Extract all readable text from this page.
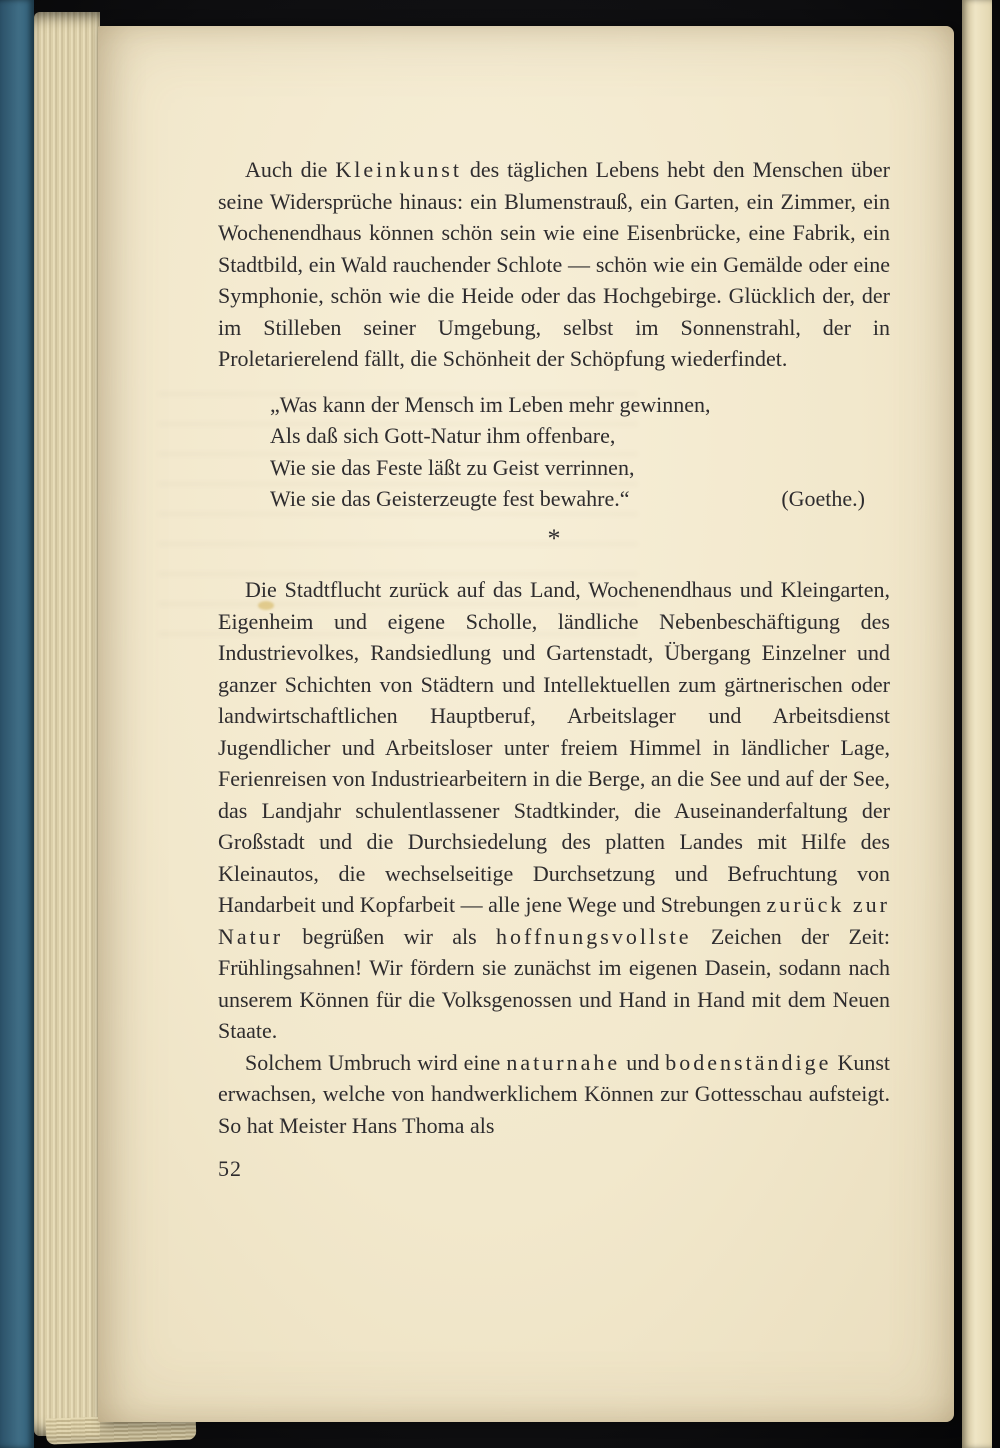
Auch die Kleinkunst des täglichen Lebens hebt den Menschen über seine Widersprüche hinaus: ein Blumenstrauß, ein Garten, ein Zimmer, ein Wochenendhaus können schön sein wie eine Eisenbrücke, eine Fabrik, ein Stadtbild, ein Wald rauchender Schlote — schön wie ein Gemälde oder eine Symphonie, schön wie die Heide oder das Hochgebirge. Glücklich der, der im Stilleben seiner Umgebung, selbst im Sonnenstrahl, der in Proletarierelend fällt, die Schönheit der Schöpfung wiederfindet.

„Was kann der Mensch im Leben mehr gewinnen,
Als daß sich Gott-Natur ihm offenbare,
Wie sie das Feste läßt zu Geist verrinnen,
Wie sie das Geisterzeugte fest bewahre.“	(Goethe.)
*

Die Stadtflucht zurück auf das Land, Wochenendhaus und Kleingarten, Eigenheim und eigene Scholle, ländliche Nebenbeschäftigung des Industrievolkes, Randsiedlung und Gartenstadt, Übergang Einzelner und ganzer Schichten von Städtern und Intellektuellen zum gärtnerischen oder landwirtschaftlichen Hauptberuf, Arbeitslager und Arbeitsdienst Jugendlicher und Arbeitsloser unter freiem Himmel in ländlicher Lage, Ferienreisen von Industriearbeitern in die Berge, an die See und auf der See, das Landjahr schulentlassener Stadtkinder, die Auseinanderfaltung der Großstadt und die Durchsiedelung des platten Landes mit Hilfe des Kleinautos, die wechselseitige Durchsetzung und Befruchtung von Handarbeit und Kopfarbeit — alle jene Wege und Strebungen zurück zur Natur begrüßen wir als hoffnungsvollste Zeichen der Zeit: Frühlingsahnen! Wir fördern sie zunächst im eigenen Dasein, sodann nach unserem Können für die Volksgenossen und Hand in Hand mit dem Neuen Staate.

Solchem Umbruch wird eine naturnahe und bodenständige Kunst erwachsen, welche von handwerklichem Können zur Gottesschau aufsteigt. So hat Meister Hans Thoma als

52
